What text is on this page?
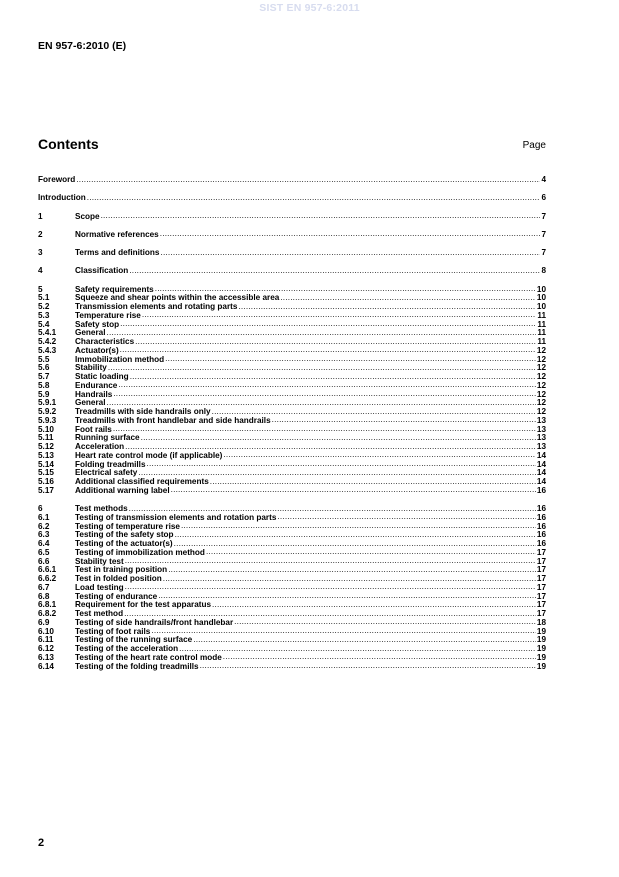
SIST EN 957-6:2011
EN 957-6:2010 (E)
Contents	Page
Foreword .....	4
Introduction .....	6
1	Scope .....	7
2	Normative references .....	7
3	Terms and definitions .....	7
4	Classification .....	8
5	Safety requirements .....	10
5.1	Squeeze and shear points within the accessible area .....	10
5.2	Transmission elements and rotating parts .....	10
5.3	Temperature rise .....	11
5.4	Safety stop .....	11
5.4.1	General .....	11
5.4.2	Characteristics .....	11
5.4.3	Actuator(s) .....	12
5.5	Immobilization method .....	12
5.6	Stability .....	12
5.7	Static loading .....	12
5.8	Endurance .....	12
5.9	Handrails .....	12
5.9.1	General .....	12
5.9.2	Treadmills with side handrails only .....	12
5.9.3	Treadmills with front handlebar and side handrails .....	13
5.10	Foot rails .....	13
5.11	Running surface .....	13
5.12	Acceleration .....	13
5.13	Heart rate control mode (if applicable) .....	14
5.14	Folding treadmills .....	14
5.15	Electrical safety .....	14
5.16	Additional classified requirements .....	14
5.17	Additional warning label .....	16
6	Test methods .....	16
6.1	Testing of transmission elements and rotation parts .....	16
6.2	Testing of temperature rise .....	16
6.3	Testing of the safety stop .....	16
6.4	Testing of the actuator(s) .....	16
6.5	Testing of immobilization method .....	17
6.6	Stability test .....	17
6.6.1	Test in training position .....	17
6.6.2	Test in folded position .....	17
6.7	Load testing .....	17
6.8	Testing of endurance .....	17
6.8.1	Requirement for the test apparatus .....	17
6.8.2	Test method .....	17
6.9	Testing of side handrails/front handlebar .....	18
6.10	Testing of foot rails .....	19
6.11	Testing of the running surface .....	19
6.12	Testing of the acceleration .....	19
6.13	Testing of the heart rate control mode .....	19
6.14	Testing of the folding treadmills .....	19
2
